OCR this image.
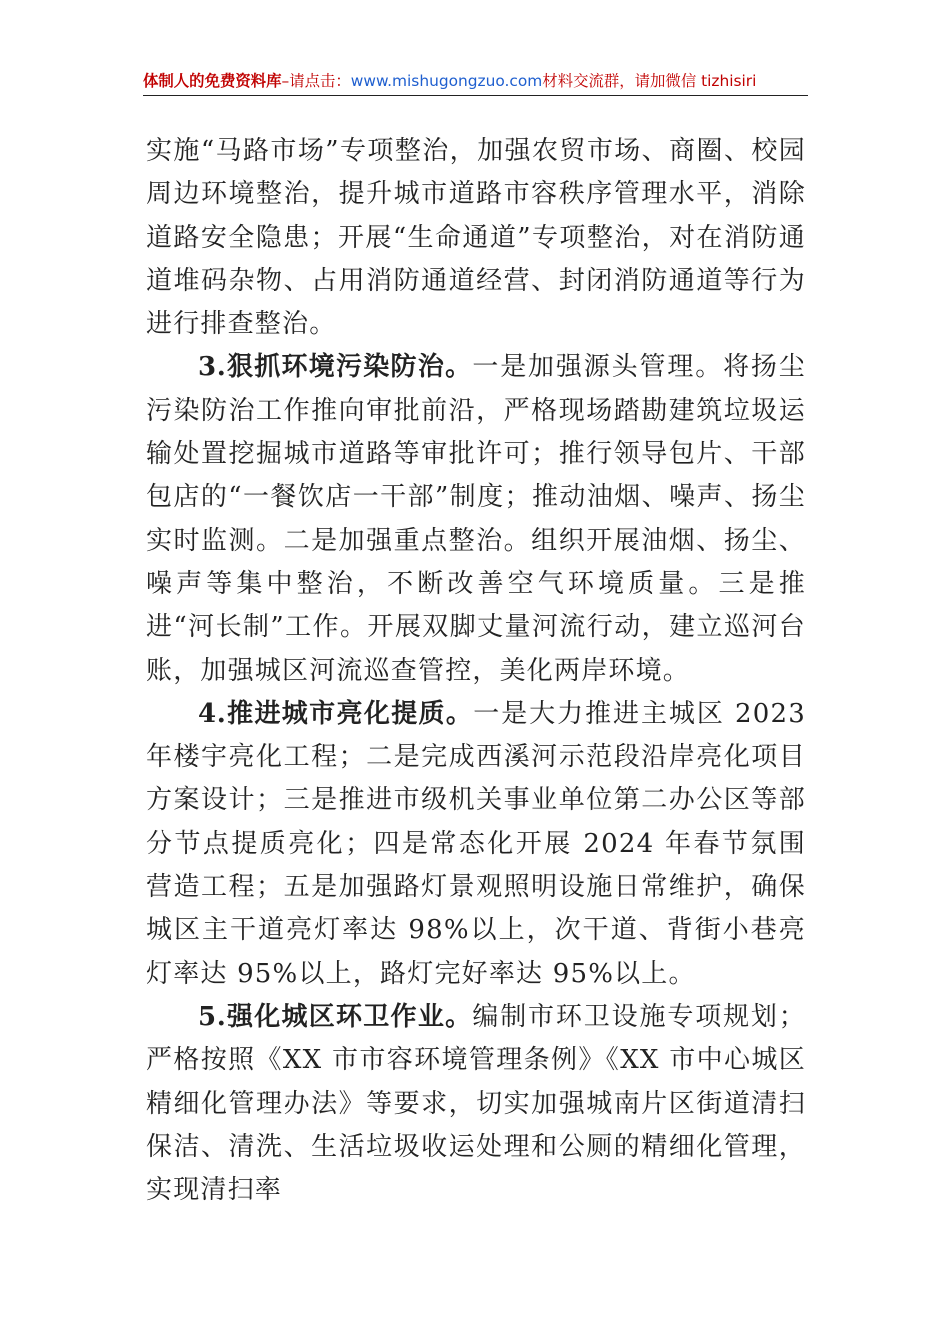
体制人的免费资料库–请点击：www.mishugongzuo.com材料交流群，请加微信 tizhisiri

实施“马路市场”专项整治，加强农贸市场、商圈、校园周边环境整治，提升城市道路市容秩序管理水平，消除道路安全隐患；开展“生命通道”专项整治，对在消防通道堆码杂物、占用消防通道经营、封闭消防通道等行为进行排查整治。

3.狠抓环境污染防治。一是加强源头管理。将扬尘污染防治工作推向审批前沿，严格现场踏勘建筑垃圾运输处置挖掘城市道路等审批许可；推行领导包片、干部包店的“一餐饮店一干部”制度；推动油烟、噪声、扬尘实时监测。二是加强重点整治。组织开展油烟、扬尘、噪声等集中整治，不断改善空气环境质量。三是推进“河长制”工作。开展双脚丈量河流行动，建立巡河台账，加强城区河流巡查管控，美化两岸环境。

4.推进城市亮化提质。一是大力推进主城区 2023 年楼宇亮化工程；二是完成西溪河示范段沿岸亮化项目方案设计；三是推进市级机关事业单位第二办公区等部分节点提质亮化；四是常态化开展 2024 年春节氛围营造工程；五是加强路灯景观照明设施日常维护，确保城区主干道亮灯率达 98%以上，次干道、背街小巷亮灯率达 95%以上，路灯完好率达 95%以上。

5.强化城区环卫作业。编制市环卫设施专项规划；严格按照《XX 市市容环境管理条例》《XX 市中心城区精细化管理办法》等要求，切实加强城南片区街道清扫保洁、清洗、生活垃圾收运处理和公厕的精细化管理，实现清扫率
